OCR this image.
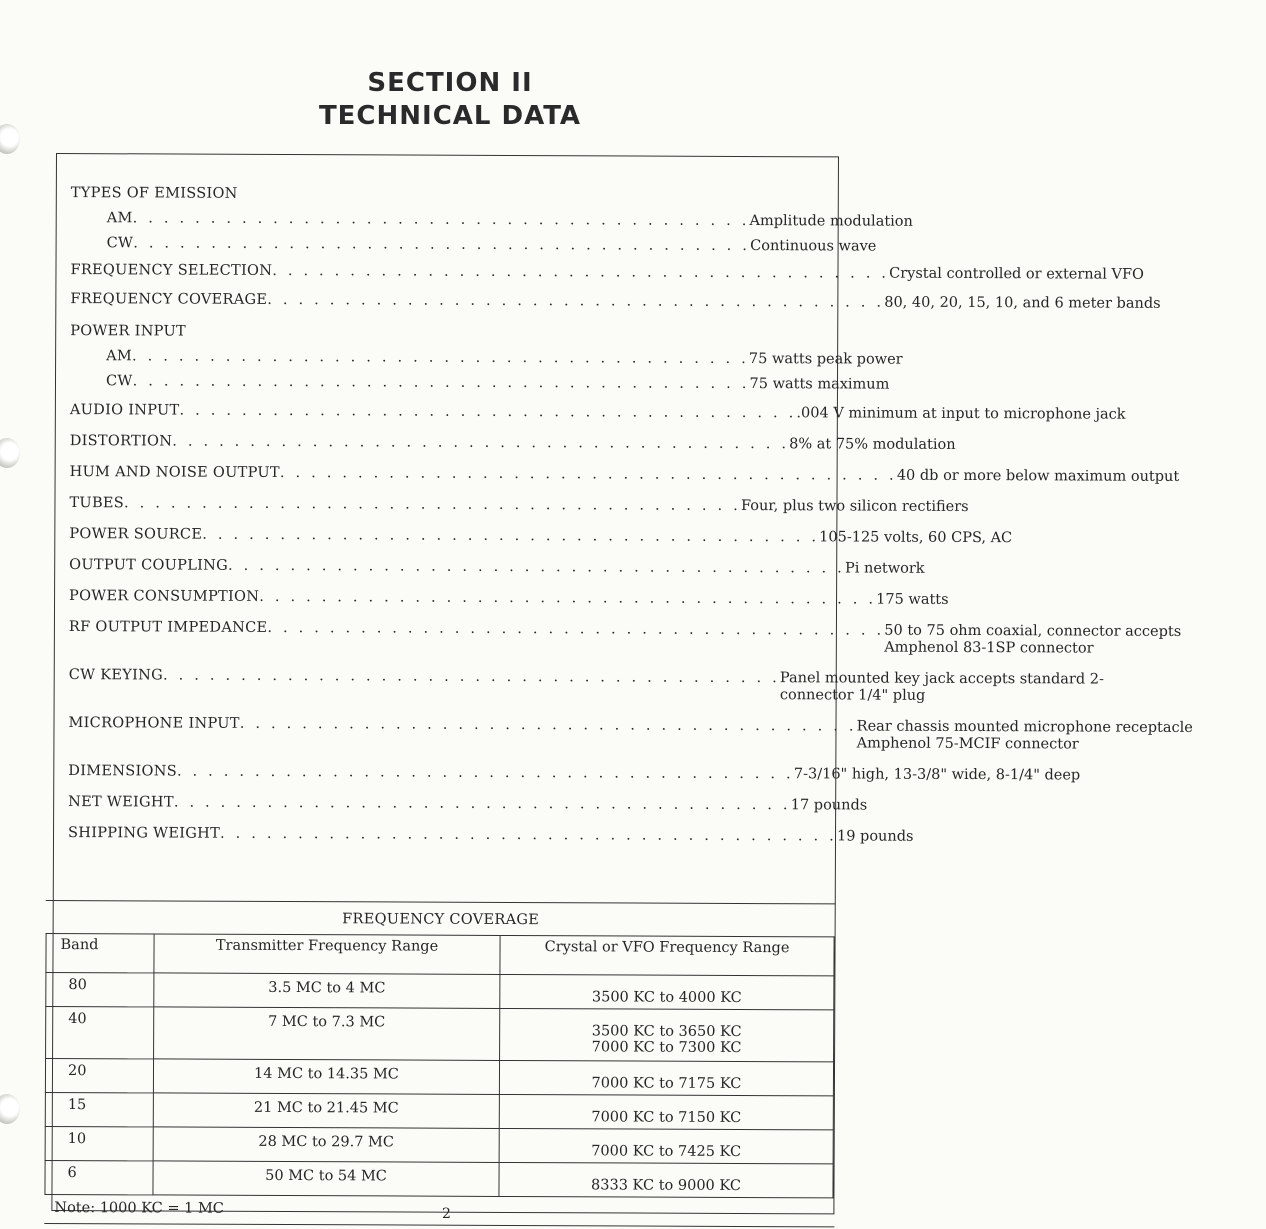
SECTION II
TECHNICAL DATA
TYPES OF EMISSION
AM . . . . . . . . . . . . . . . . . . . . . . . . . . . . . . . . . . . . . . . . Amplitude modulation
CW . . . . . . . . . . . . . . . . . . . . . . . . . . . . . . . . . . . . . . . . Continuous wave
FREQUENCY SELECTION . . . . . . . . . . . . . . . . . . . . . . . . . . . . . . . . . . . . . . . . Crystal controlled or external VFO
FREQUENCY COVERAGE . . . . . . . . . . . . . . . . . . . . . . . . . . . . . . . . . . . . . . . . 80, 40, 20, 15, 10, and 6 meter bands
POWER INPUT
AM . . . . . . . . . . . . . . . . . . . . . . . . . . . . . . . . . . . . . . . . 75 watts peak power
CW . . . . . . . . . . . . . . . . . . . . . . . . . . . . . . . . . . . . . . . . 75 watts maximum
AUDIO INPUT . . . . . . . . . . . . . . . . . . . . . . . . . . . . . . . . . . . . . . . . .004 V minimum at input to microphone jack
DISTORTION . . . . . . . . . . . . . . . . . . . . . . . . . . . . . . . . . . . . . . . . 8% at 75% modulation
HUM AND NOISE OUTPUT . . . . . . . . . . . . . . . . . . . . . . . . . . . . . . . . . . . . . . . . 40 db or more below maximum output
TUBES . . . . . . . . . . . . . . . . . . . . . . . . . . . . . . . . . . . . . . . . Four, plus two silicon rectifiers
POWER SOURCE . . . . . . . . . . . . . . . . . . . . . . . . . . . . . . . . . . . . . . . . 105-125 volts, 60 CPS, AC
OUTPUT COUPLING . . . . . . . . . . . . . . . . . . . . . . . . . . . . . . . . . . . . . . . . Pi network
POWER CONSUMPTION . . . . . . . . . . . . . . . . . . . . . . . . . . . . . . . . . . . . . . . . 175 watts
RF OUTPUT IMPEDANCE . . . . . . . . . . . . . . . . . . . . . . . . . . . . . . . . . . . . . . . . 50 to 75 ohm coaxial, connector accepts Amphenol 83-1SP connector
CW KEYING . . . . . . . . . . . . . . . . . . . . . . . . . . . . . . . . . . . . . . . . Panel mounted key jack accepts standard 2-connector 1/4" plug
MICROPHONE INPUT . . . . . . . . . . . . . . . . . . . . . . . . . . . . . . . . . . . . . . . . Rear chassis mounted microphone receptacle Amphenol 75-MCIF connector
DIMENSIONS . . . . . . . . . . . . . . . . . . . . . . . . . . . . . . . . . . . . . . . . 7-3/16" high, 13-3/8" wide, 8-1/4" deep
NET WEIGHT . . . . . . . . . . . . . . . . . . . . . . . . . . . . . . . . . . . . . . . . 17 pounds
SHIPPING WEIGHT . . . . . . . . . . . . . . . . . . . . . . . . . . . . . . . . . . . . . . . . 19 pounds
FREQUENCY COVERAGE
Band	Transmitter Frequency Range	Crystal or VFO Frequency Range
80	3.5 MC to 4 MC	3500 KC to 4000 KC

40	7 MC to 7.3 MC	3500 KC to 3650 KC
7000 KC to 7300 KC

20	14 MC to 14.35 MC	7000 KC to 7175 KC

15	21 MC to 21.45 MC	7000 KC to 7150 KC

10	28 MC to 29.7 MC	7000 KC to 7425 KC

6	50 MC to 54 MC	8333 KC to 9000 KC
Note: 1000 KC = 1 MC	2
